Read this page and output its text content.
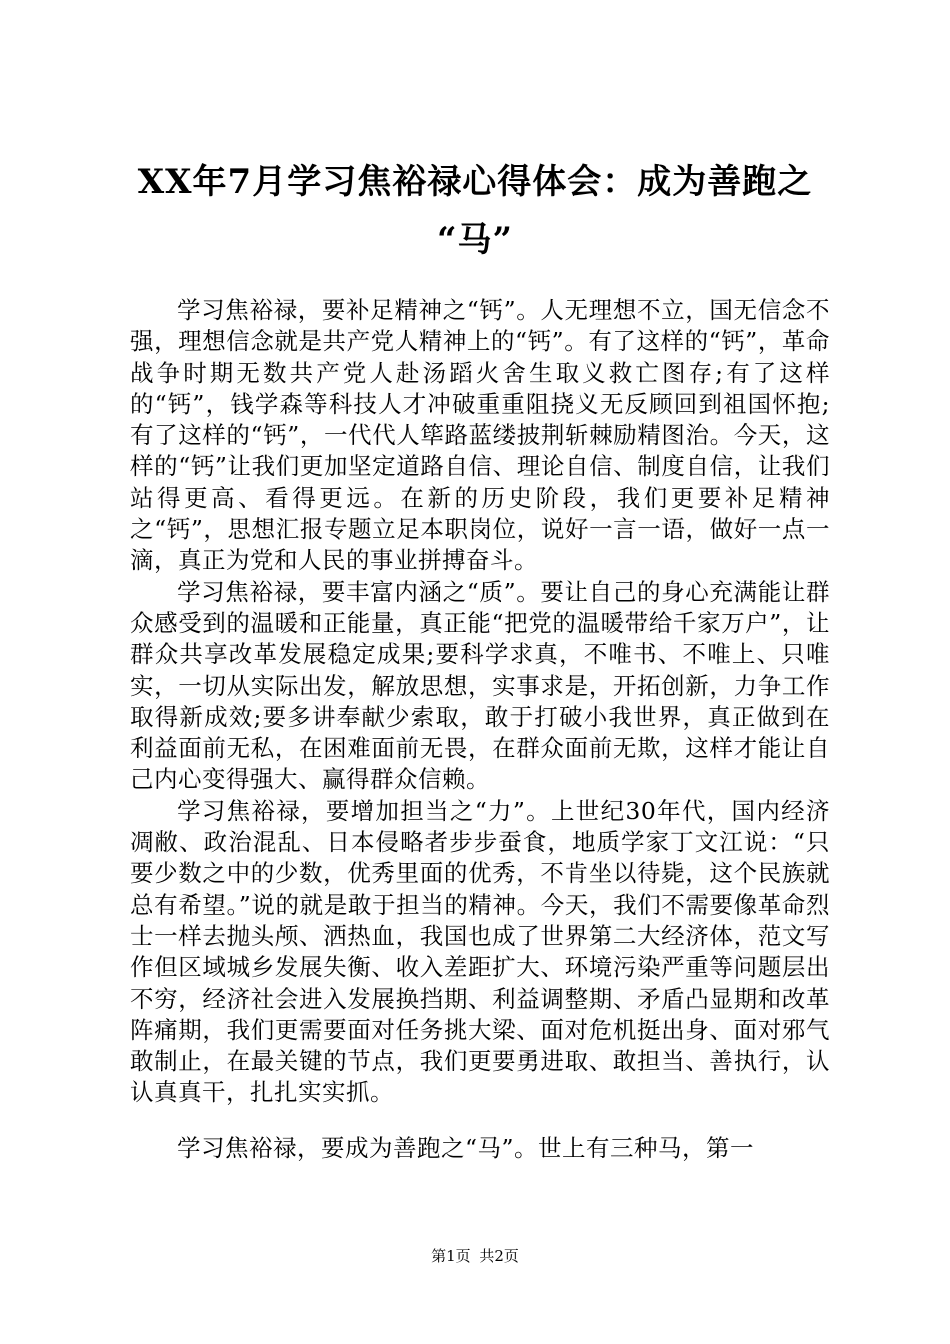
XX年7月学习焦裕禄心得体会：成为善跑之
“马”

学习焦裕禄，要补足精神之“钙”。人无理想不立，国无信念不强，理想信念就是共产党人精神上的“钙”。有了这样的“钙”，革命战争时期无数共产党人赴汤蹈火舍生取义救亡图存;有了这样的“钙”，钱学森等科技人才冲破重重阻挠义无反顾回到祖国怀抱;有了这样的“钙”，一代代人筚路蓝缕披荆斩棘励精图治。今天，这样的“钙”让我们更加坚定道路自信、理论自信、制度自信，让我们站得更高、看得更远。在新的历史阶段，我们更要补足精神之“钙”，思想汇报专题立足本职岗位，说好一言一语，做好一点一滴，真正为党和人民的事业拼搏奋斗。

学习焦裕禄，要丰富内涵之“质”。要让自己的身心充满能让群众感受到的温暖和正能量，真正能“把党的温暖带给千家万户”，让群众共享改革发展稳定成果;要科学求真，不唯书、不唯上、只唯实，一切从实际出发，解放思想，实事求是，开拓创新，力争工作取得新成效;要多讲奉献少索取，敢于打破小我世界，真正做到在利益面前无私，在困难面前无畏，在群众面前无欺，这样才能让自己内心变得强大、赢得群众信赖。

学习焦裕禄，要增加担当之“力”。上世纪30年代，国内经济凋敝、政治混乱、日本侵略者步步蚕食，地质学家丁文江说：“只要少数之中的少数，优秀里面的优秀，不肯坐以待毙，这个民族就总有希望。”说的就是敢于担当的精神。今天，我们不需要像革命烈士一样去抛头颅、洒热血，我国也成了世界第二大经济体，范文写作但区域城乡发展失衡、收入差距扩大、环境污染严重等问题层出不穷，经济社会进入发展换挡期、利益调整期、矛盾凸显期和改革阵痛期，我们更需要面对任务挑大梁、面对危机挺出身、面对邪气敢制止，在最关键的节点，我们更要勇进取、敢担当、善执行，认认真真干，扎扎实实抓。

学习焦裕禄，要成为善跑之“马”。世上有三种马，第一

第1页 共2页
